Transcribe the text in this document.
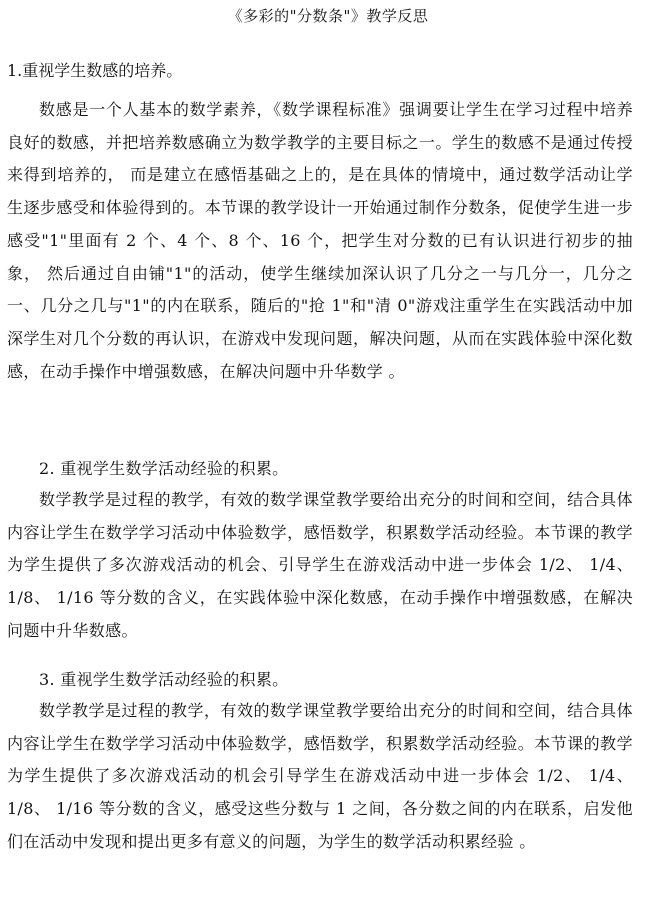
《多彩的"分数条"》教学反思
1.重视学生数感的培养。

数感是一个人基本的数学素养，《数学课程标准》强调要让学生在学习过程中培养良好的数感，并把培养数感确立为数学教学的主要目标之一。学生的数感不是通过传授来得到培养的， 而是建立在感悟基础之上的，是在具体的情境中，通过数学活动让学生逐步感受和体验得到的。本节课的教学设计一开始通过制作分数条，促使学生进一步感受"1"里面有 2 个、4 个、8 个、16 个，把学生对分数的已有认识进行初步的抽象， 然后通过自由铺"1"的活动，使学生继续加深认识了几分之一与几分一，几分之一、几分之几与"1"的内在联系，随后的"抢 1"和"清 0"游戏注重学生在实践活动中加深学生对几个分数的再认识，在游戏中发现问题，解决问题，从而在实践体验中深化数感，在动手操作中增强数感，在解决问题中升华数学 。

2. 重视学生数学活动经验的积累。

数学教学是过程的教学，有效的数学课堂教学要给出充分的时间和空间，结合具体内容让学生在数学学习活动中体验数学，感悟数学，积累数学活动经验。本节课的教学为学生提供了多次游戏活动的机会、引导学生在游戏活动中进一步体会 1/2、 1/4、1/8、 1/16 等分数的含义，在实践体验中深化数感，在动手操作中增强数感，在解决问题中升华数感。

3. 重视学生数学活动经验的积累。

数学教学是过程的教学，有效的数学课堂教学要给出充分的时间和空间，结合具体内容让学生在数学学习活动中体验数学，感悟数学，积累数学活动经验。本节课的教学为学生提供了多次游戏活动的机会引导学生在游戏活动中进一步体会 1/2、 1/4、1/8、 1/16 等分数的含义，感受这些分数与 1 之间，各分数之间的内在联系，启发他们在活动中发现和提出更多有意义的问题，为学生的数学活动积累经验 。
